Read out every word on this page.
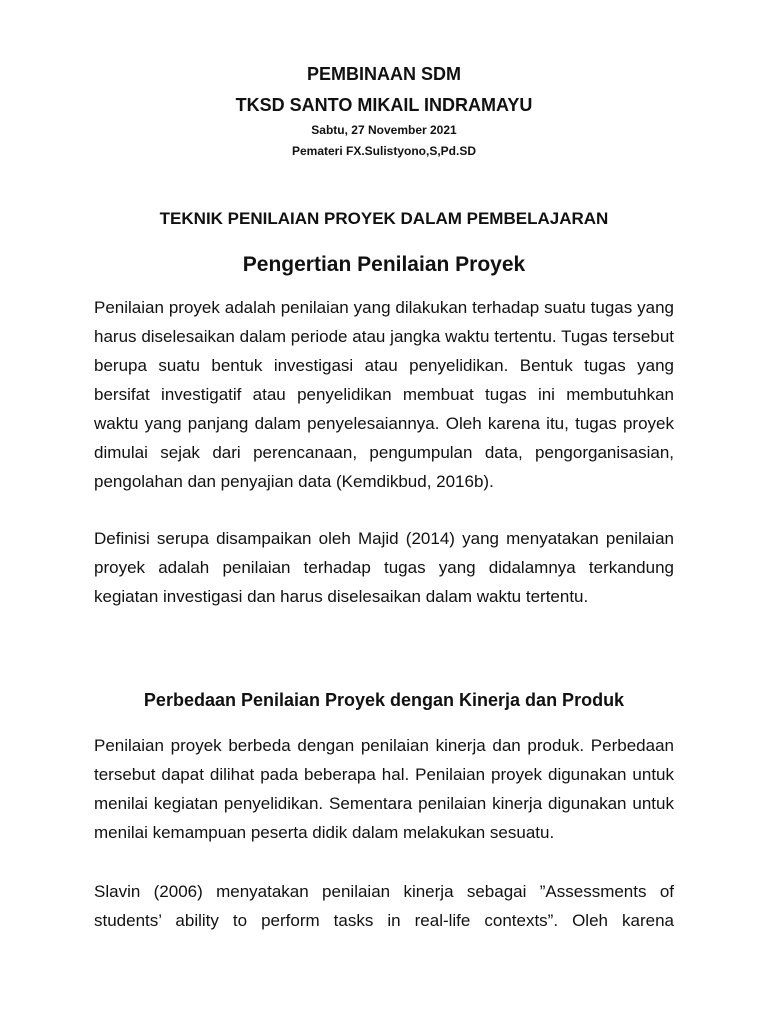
PEMBINAAN SDM

TKSD SANTO MIKAIL INDRAMAYU

Sabtu, 27 November 2021

Pemateri FX.Sulistyono,S,Pd.SD

TEKNIK PENILAIAN PROYEK DALAM PEMBELAJARAN

Pengertian Penilaian Proyek

Penilaian proyek adalah penilaian yang dilakukan terhadap suatu tugas yang harus diselesaikan dalam periode atau jangka waktu tertentu. Tugas tersebut berupa suatu bentuk investigasi atau penyelidikan. Bentuk tugas yang bersifat investigatif atau penyelidikan membuat tugas ini membutuhkan waktu yang panjang dalam penyelesaiannya. Oleh karena itu, tugas proyek dimulai sejak dari perencanaan, pengumpulan data, pengorganisasian, pengolahan dan penyajian data (Kemdikbud, 2016b).

Definisi serupa disampaikan oleh Majid (2014) yang menyatakan penilaian proyek adalah penilaian terhadap tugas yang didalamnya terkandung kegiatan investigasi dan harus diselesaikan dalam waktu tertentu.

Perbedaan Penilaian Proyek dengan Kinerja dan Produk

Penilaian proyek berbeda dengan penilaian kinerja dan produk. Perbedaan tersebut dapat dilihat pada beberapa hal. Penilaian proyek digunakan untuk menilai kegiatan penyelidikan. Sementara penilaian kinerja digunakan untuk menilai kemampuan peserta didik dalam melakukan sesuatu.

Slavin (2006) menyatakan penilaian kinerja sebagai ”Assessments of students’ ability to perform tasks in real-life contexts”. Oleh karena
